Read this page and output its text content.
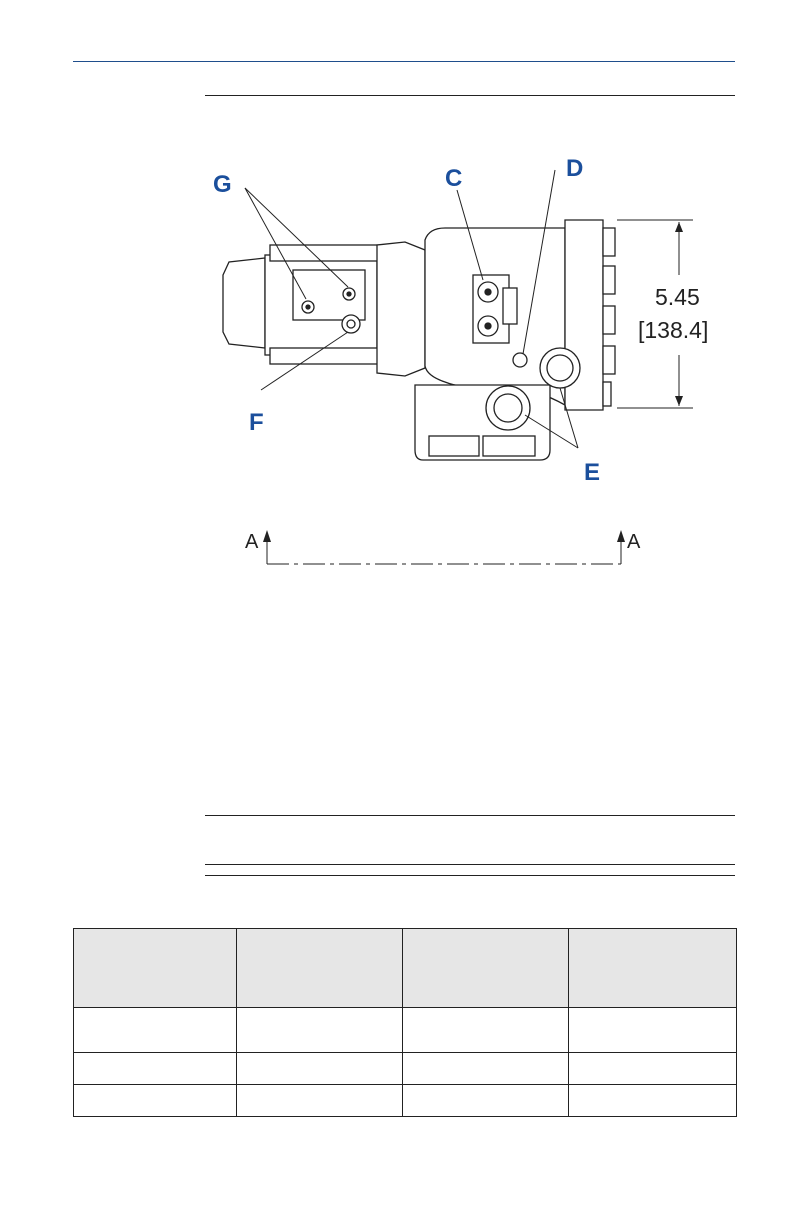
G	C	D
E
F
5.45
[138.4]
A	A
